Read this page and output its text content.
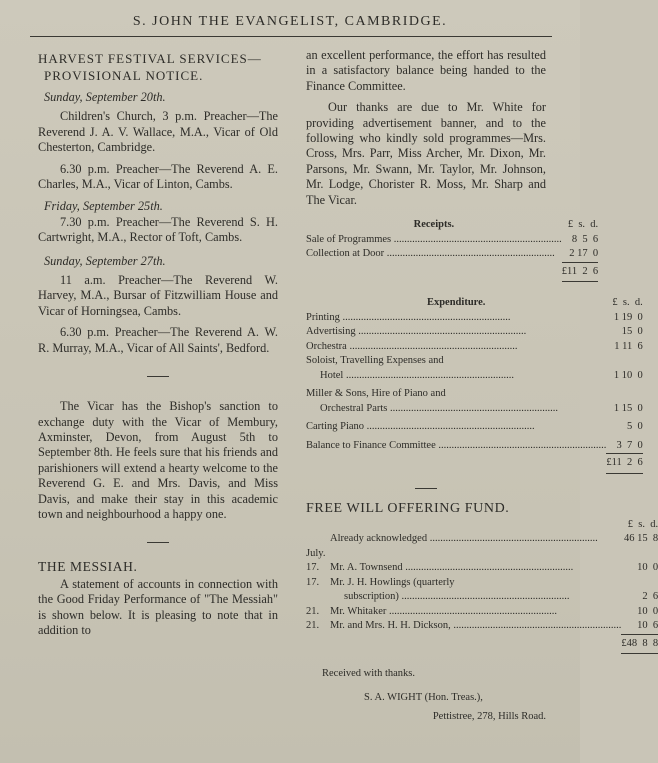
S. JOHN THE EVANGELIST, CAMBRIDGE.

HARVEST FESTIVAL SERVICES—

PROVISIONAL NOTICE.

Sunday, September 20th.

Children's Church, 3 p.m. Preacher—The Reverend J. A. V. Wallace, M.A., Vicar of Old Chesterton, Cambridge.

6.30 p.m. Preacher—The Reverend A. E. Charles, M.A., Vicar of Linton, Cambs.

Friday, September 25th.

7.30 p.m. Preacher—The Reverend S. H. Cartwright, M.A., Rector of Toft, Cambs.

Sunday, September 27th.

11 a.m. Preacher—The Reverend W. Harvey, M.A., Bursar of Fitzwilliam House and Vicar of Horningsea, Cambs.

6.30 p.m. Preacher—The Reverend A. W. R. Murray, M.A., Vicar of All Saints', Bedford.

The Vicar has the Bishop's sanction to exchange duty with the Vicar of Membury, Axminster, Devon, from August 5th to September 8th. He feels sure that his friends and parishioners will extend a hearty welcome to the Reverend G. E. and Mrs. Davis, and Miss Davis, and make their stay in this academic town and neighbourhood a happy one.

THE MESSIAH.

A statement of accounts in connection with the Good Friday Performance of "The Messiah" is shown below. It is pleasing to note that in addition to

an excellent performance, the effort has resulted in a satisfactory balance being handed to the Finance Committee.

Our thanks are due to Mr. White for providing advertisement banner, and to the following who kindly sold programmes—Mrs. Cross, Mrs. Parr, Miss Archer, Mr. Dixon, Mr. Parsons, Mr. Swann, Mr. Taylor, Mr. Johnson, Mr. Lodge, Chorister R. Moss, Mr. Sharp and The Vicar.

Receipts.	£  s.  d.
Sale of Programmes .....	8  5  6
Collection at Door .....	2 17  0
	£11  2  6
Expenditure.	£  s.  d.
Printing .....	1 19  0
Advertising .....	15  0
Orchestra .....	1 11  6

Soloist, Travelling Expenses and
Hotel .....	1 10  0

Miller & Sons, Hire of Piano and
Orchestral Parts .....	1 15  0
Carting Piano .....	5  0
Balance to Finance Committee .....	3  7  0
	£11  2  6

FREE WILL OFFERING FUND.

	£  s.  d.
Already acknowledged .....	46 15  8
July.	
17. Mr. A. Townsend .....	10  0

17. Mr. J. H. Howlings (quarterly
subscription) .....	2  6
21. Mr. Whitaker .....	10  0
21. Mr. and Mrs. H. H. Dickson, .....	10  6
	£48  8  8

Received with thanks.

S. A. WIGHT (Hon. Treas.),

Pettistree, 278, Hills Road.
